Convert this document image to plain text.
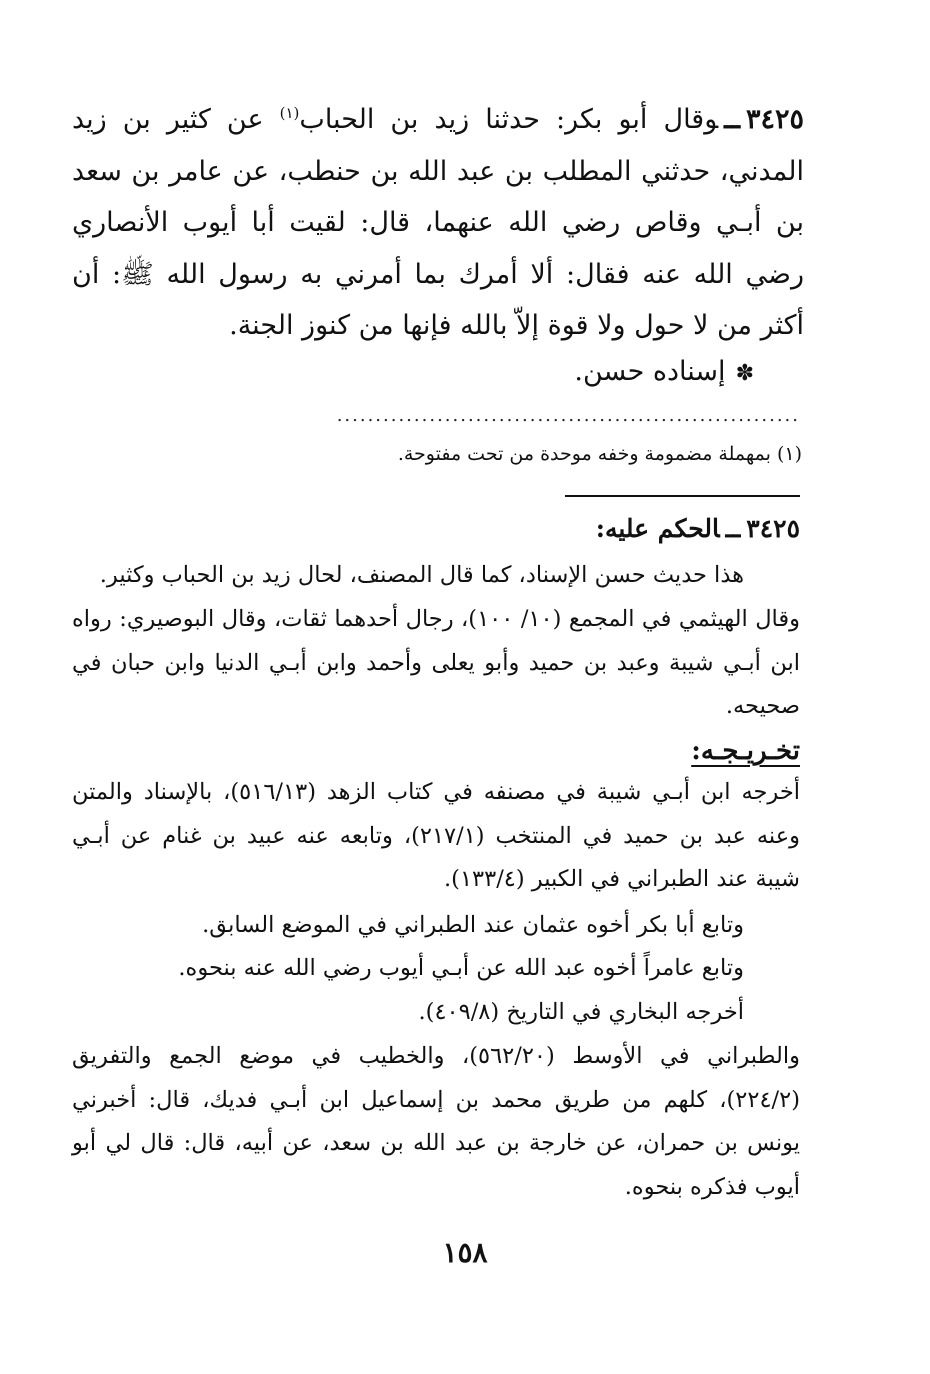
٣٤٢٥ــوقال أبو بكر: حدثنا زيد بن الحباب$^{(١)}$ عن كثير بن زيد المدني، حدثني المطلب بن عبد الله بن حنطب، عن عامر بن سعد بن أبـي وقاص رضي الله عنهما، قال: لقيت أبا أيوب الأنصاري رضي الله عنه فقال: ألا أمرك بما أمرني به رسول الله ﷺ: أن أكثر من لا حول ولا قوة إلاّ بالله فإنها من كنوز الجنة.
✽إسناده حسن.
............................................................
(١) بمهملة مضمومة وخفه موحدة من تحت مفتوحة.
٣٤٢٥ــالحكم عليه:
هذا حديث حسن الإسناد، كما قال المصنف، لحال زيد بن الحباب وكثير.
وقال الهيثمي في المجمع (١٠/ ١٠٠)، رجال أحدهما ثقات، وقال البوصيري: رواه ابن أبـي شيبة وعبد بن حميد وأبو يعلى وأحمد وابن أبـي الدنيا وابن حبان في صحيحه.
تخـريـجـه:
أخرجه ابن أبـي شيبة في مصنفه في كتاب الزهد (٥١٦/١٣)، بالإسناد والمتن وعنه عبد بن حميد في المنتخب (٢١٧/١)، وتابعه عنه عبيد بن غنام عن أبـي شيبة عند الطبراني في الكبير (١٣٣/٤).
وتابع أبا بكر أخوه عثمان عند الطبراني في الموضع السابق.
وتابع عامراً أخوه عبد الله عن أبـي أيوب رضي الله عنه بنحوه.
أخرجه البخاري في التاريخ (٤٠٩/٨).
والطبراني في الأوسط (٥٦٢/٢٠)، والخطيب في موضع الجمع والتفريق (٢٢٤/٢)، كلهم من طريق محمد بن إسماعيل ابن أبـي فديك، قال: أخبرني يونس بن حمران، عن خارجة بن عبد الله بن سعد، عن أبيه، قال: قال لي أبو أيوب فذكره بنحوه.
١٥٨
